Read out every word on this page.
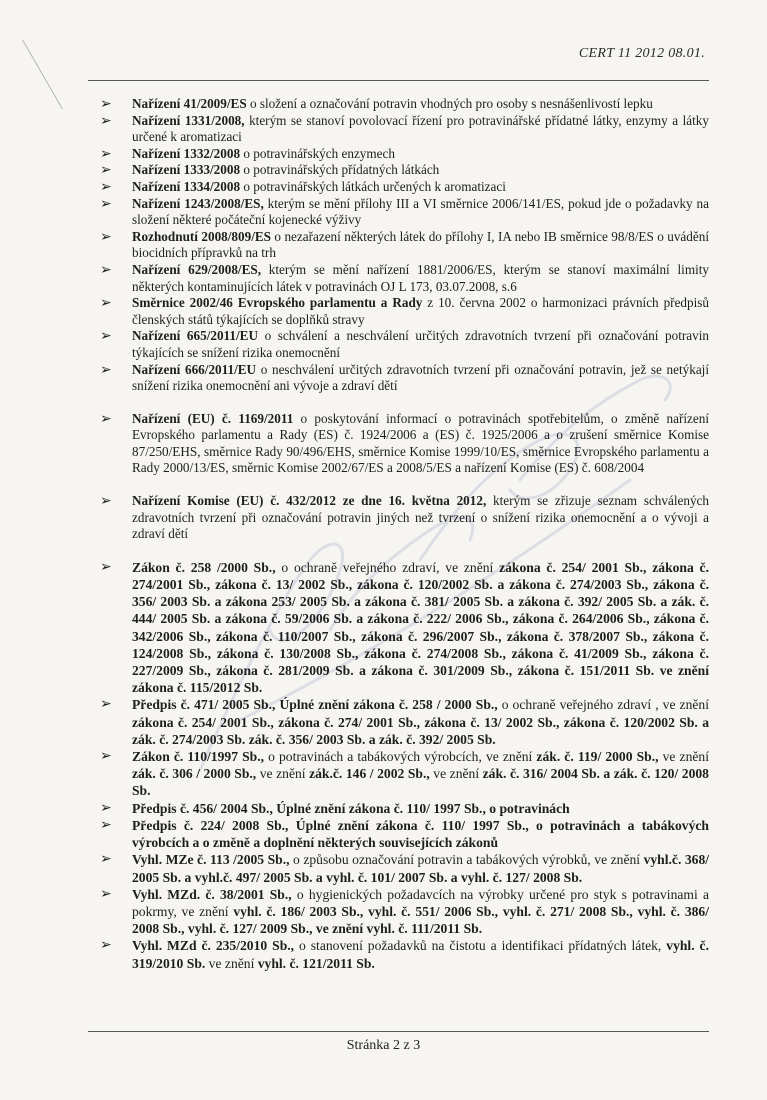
CERT 11 2012 08.01.
➢ Nařízení 41/2009/ES o složení a označování potravin vhodných pro osoby s nesnášenlivostí lepku
➢ Nařízení 1331/2008, kterým se stanoví povolovací řízení pro potravinářské přídatné látky, enzymy a látky určené k aromatizaci
➢ Nařízení 1332/2008 o potravinářských enzymech
➢ Nařízení 1333/2008 o potravinářských přídatných látkách
➢ Nařízení 1334/2008 o potravinářských látkách určených k aromatizaci
➢ Nařízení 1243/2008/ES, kterým se mění přílohy III a VI směrnice 2006/141/ES, pokud jde o požadavky na složení některé počáteční kojenecké výživy
➢ Rozhodnutí 2008/809/ES o nezařazení některých látek do přílohy I, IA nebo IB směrnice 98/8/ES o uvádění biocidních přípravků na trh
➢ Nařízení 629/2008/ES, kterým se mění nařízení 1881/2006/ES, kterým se stanoví maximální limity některých kontaminujících látek v potravinách OJ L 173, 03.07.2008, s.6
➢ Směrnice 2002/46 Evropského parlamentu a Rady z 10. června 2002 o harmonizaci právních předpisů členských států týkajících se doplňků stravy
➢ Nařízení 665/2011/EU o schválení a neschválení určitých zdravotních tvrzení při označování potravin týkajících se snížení rizika onemocnění
➢ Nařízení 666/2011/EU o neschválení určitých zdravotních tvrzení při označování potravin, jež se netýkají snížení rizika onemocnění ani vývoje a zdraví dětí
➢ Nařízení (EU) č. 1169/2011 o poskytování informací o potravinách spotřebitelům, o změně nařízení Evropského parlamentu a Rady (ES) č. 1924/2006 a (ES) č. 1925/2006 a o zrušení směrnice Komise 87/250/EHS, směrnice Rady 90/496/EHS, směrnice Komise 1999/10/ES, směrnice Evropského parlamentu a Rady 2000/13/ES, směrnic Komise 2002/67/ES a 2008/5/ES a nařízení Komise (ES) č. 608/2004
➢ Nařízení Komise (EU) č. 432/2012 ze dne 16. května 2012, kterým se zřizuje seznam schválených zdravotních tvrzení při označování potravin jiných než tvrzení o snížení rizika onemocnění a o vývoji a zdraví dětí
➢ Zákon č. 258 /2000 Sb., o ochraně veřejného zdraví, ve znění zákona č. 254/ 2001 Sb., zákona č. 274/2001 Sb., zákona č. 13/ 2002 Sb., zákona č. 120/2002 Sb. a zákona č. 274/2003 Sb., zákona č. 356/ 2003 Sb. a zákona 253/ 2005 Sb. a zákona č. 381/ 2005 Sb. a zákona č. 392/ 2005 Sb. a zák. č. 444/ 2005 Sb. a zákona č. 59/2006 Sb. a zákona č. 222/ 2006 Sb., zákona č. 264/2006 Sb., zákona č. 342/2006 Sb., zákona č. 110/2007 Sb., zákona č. 296/2007 Sb., zákona č. 378/2007 Sb., zákona č. 124/2008 Sb., zákona č. 130/2008 Sb., zákona č. 274/2008 Sb., zákona č. 41/2009 Sb., zákona č. 227/2009 Sb., zákona č. 281/2009 Sb. a zákona č. 301/2009 Sb., zákona č. 151/2011 Sb. ve znění zákona č. 115/2012 Sb.
➢ Předpis č. 471/ 2005 Sb., Úplné znění zákona č. 258 / 2000 Sb., o ochraně veřejného zdraví , ve znění zákona č. 254/ 2001 Sb., zákona č. 274/ 2001 Sb., zákona č. 13/ 2002 Sb., zákona č. 120/2002 Sb. a zák. č. 274/2003 Sb. zák. č. 356/ 2003 Sb. a zák. č. 392/ 2005 Sb.
➢ Zákon č. 110/1997 Sb., o potravinách a tabákových výrobcích, ve znění zák. č. 119/ 2000 Sb., ve znění zák. č. 306 / 2000 Sb., ve znění zák.č. 146 / 2002 Sb., ve znění zák. č. 316/ 2004 Sb. a zák. č. 120/ 2008 Sb.
➢ Předpis č. 456/ 2004 Sb., Úplné znění zákona č. 110/ 1997 Sb., o potravinách
➢ Předpis č. 224/ 2008 Sb., Úplné znění zákona č. 110/ 1997 Sb., o potravinách a tabákových výrobcích a o změně a doplnění některých souvisejících zákonů
➢ Vyhl. MZe č. 113 /2005 Sb., o způsobu označování potravin a tabákových výrobků, ve znění vyhl.č. 368/ 2005 Sb. a vyhl.č. 497/ 2005 Sb. a vyhl. č. 101/ 2007 Sb. a vyhl. č. 127/ 2008 Sb.
➢ Vyhl. MZd. č. 38/2001 Sb., o hygienických požadavcích na výrobky určené pro styk s potravinami a pokrmy, ve znění vyhl. č. 186/ 2003 Sb., vyhl. č. 551/ 2006 Sb., vyhl. č. 271/ 2008 Sb., vyhl. č. 386/ 2008 Sb., vyhl. č. 127/ 2009 Sb., ve znění vyhl. č. 111/2011 Sb.
➢ Vyhl. MZd č. 235/2010 Sb., o stanovení požadavků na čistotu a identifikaci přídatných látek, vyhl. č. 319/2010 Sb. ve znění vyhl. č. 121/2011 Sb.
Stránka 2 z 3
